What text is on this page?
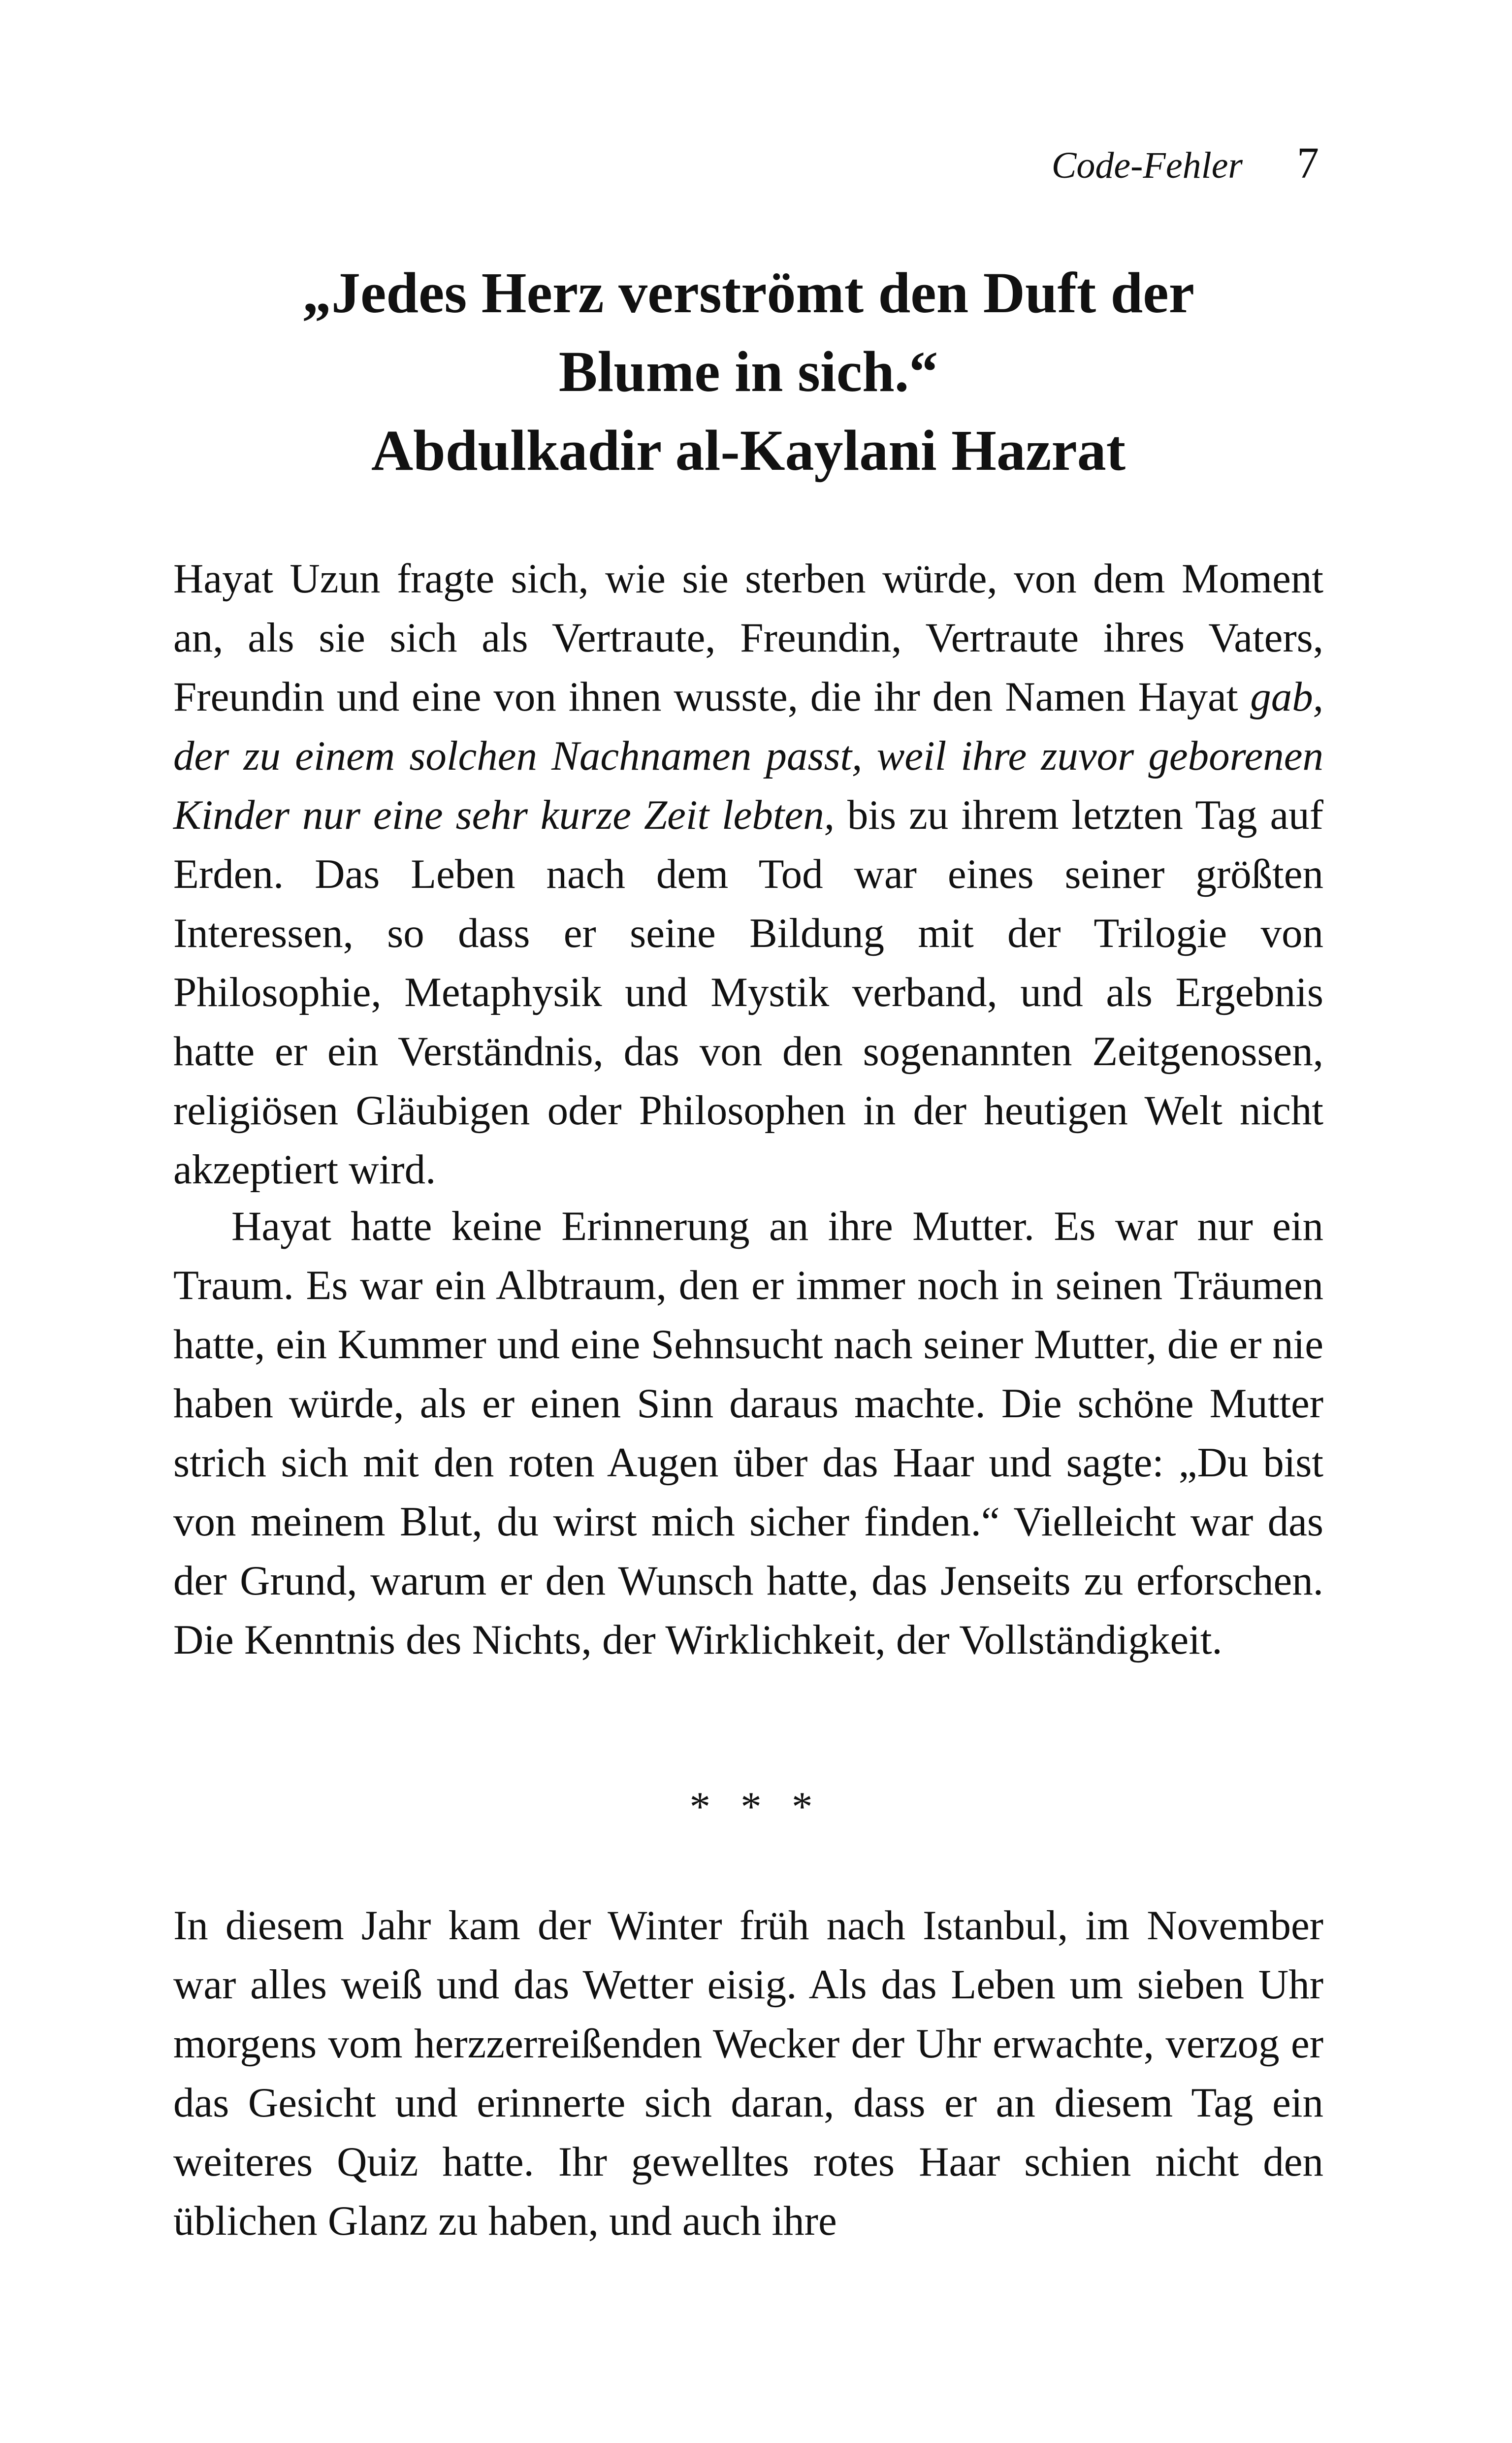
Code-Fehler 7
„Jedes Herz verströmt den Duft der
Blume in sich.“
Abdulkadir al-Kaylani Hazrat

Hayat Uzun fragte sich, wie sie sterben würde, von dem Moment an, als sie sich als Vertraute, Freundin, Vertraute ihres Vaters, Freundin und eine von ihnen wusste, die ihr den Namen Hayat gab, der zu einem solchen Nachnamen passt, weil ihre zuvor geborenen Kinder nur eine sehr kurze Zeit lebten, bis zu ihrem letzten Tag auf Erden. Das Leben nach dem Tod war eines seiner größten Interessen, so dass er seine Bildung mit der Trilogie von Philosophie, Metaphysik und Mystik verband, und als Ergebnis hatte er ein Verständnis, das von den sogenannten Zeitgenossen, religiösen Gläubigen oder Philosophen in der heutigen Welt nicht akzeptiert wird.

Hayat hatte keine Erinnerung an ihre Mutter. Es war nur ein Traum. Es war ein Albtraum, den er immer noch in seinen Träumen hatte, ein Kummer und eine Sehnsucht nach seiner Mutter, die er nie haben würde, als er einen Sinn daraus machte. Die schöne Mutter strich sich mit den roten Augen über das Haar und sagte: „Du bist von meinem Blut, du wirst mich sicher finden.“ Vielleicht war das der Grund, warum er den Wunsch hatte, das Jenseits zu erforschen. Die Kenntnis des Nichts, der Wirklichkeit, der Vollständigkeit.

* * *

In diesem Jahr kam der Winter früh nach Istanbul, im November war alles weiß und das Wetter eisig. Als das Leben um sieben Uhr morgens vom herzzerreißenden Wecker der Uhr erwachte, verzog er das Gesicht und erinnerte sich daran, dass er an diesem Tag ein weiteres Quiz hatte. Ihr gewelltes rotes Haar schien nicht den üblichen Glanz zu haben, und auch ihre
